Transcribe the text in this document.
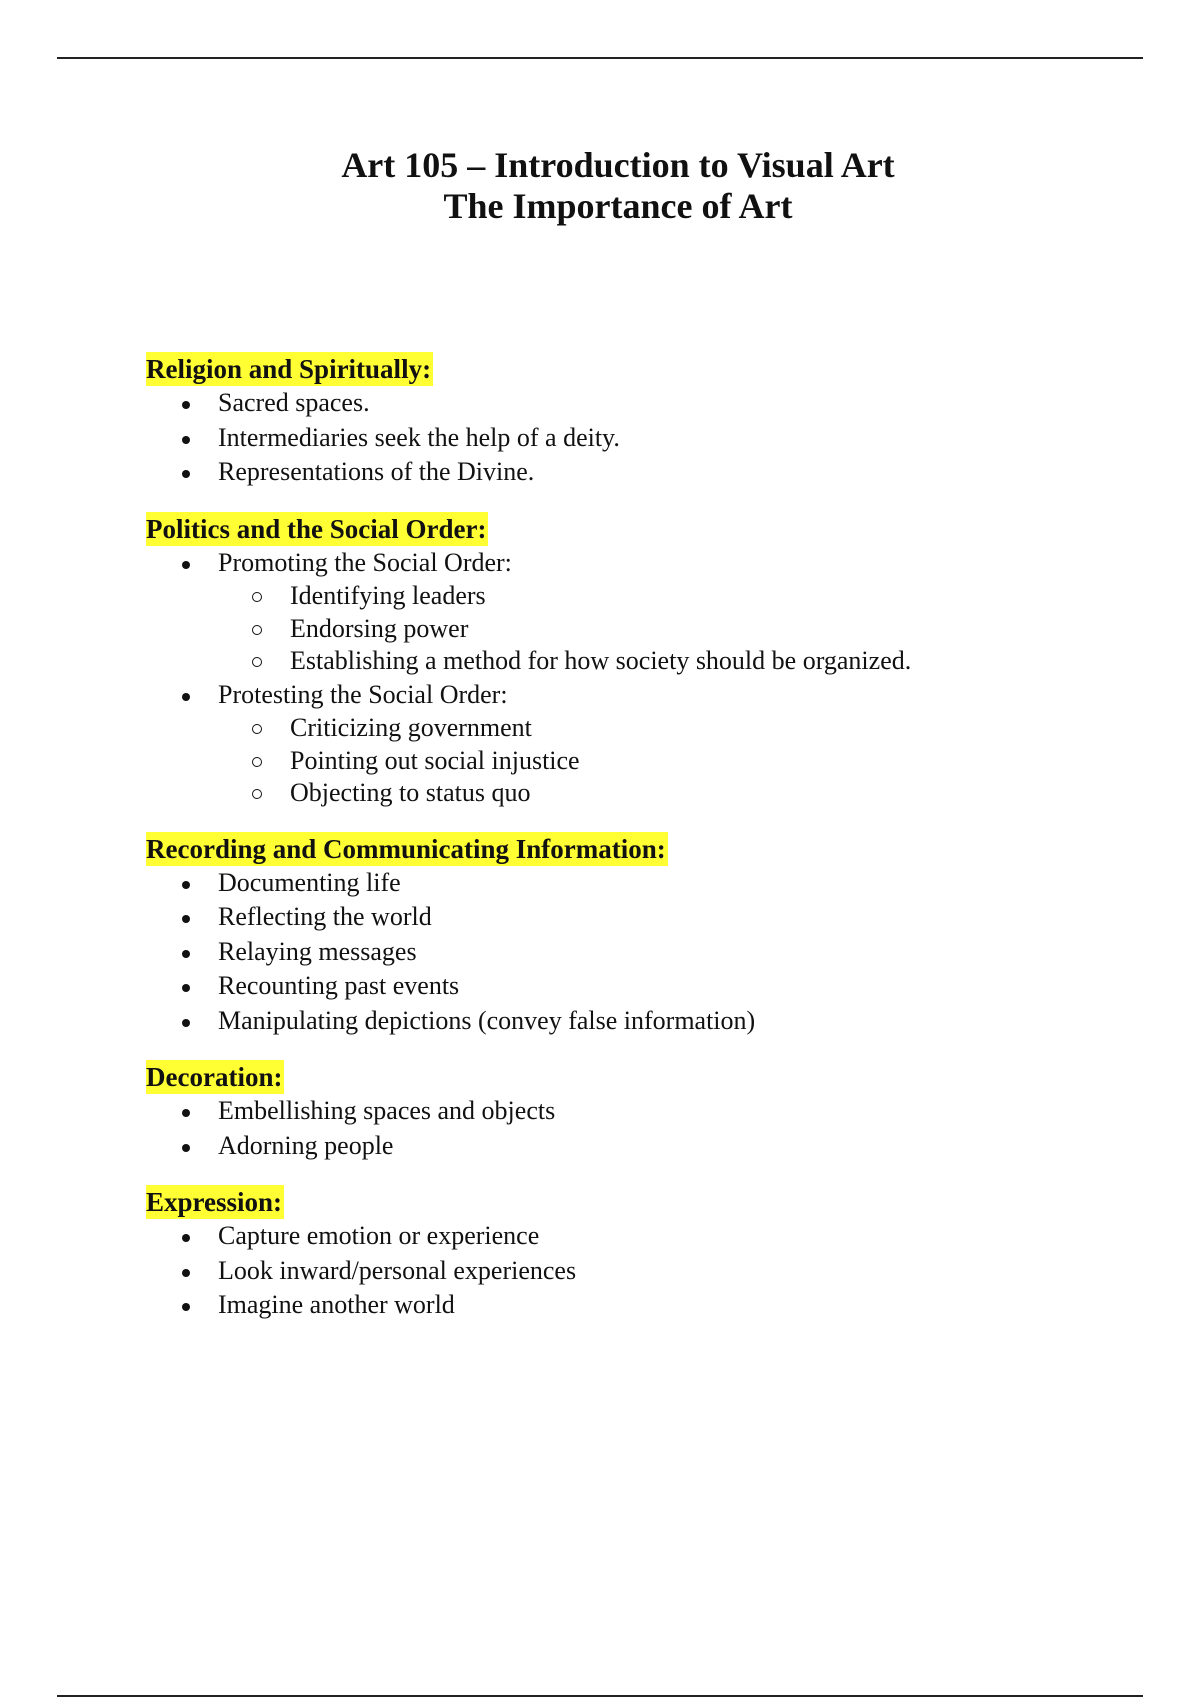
Art 105 – Introduction to Visual Art
The Importance of Art
Religion and Spiritually:
Sacred spaces.
Intermediaries seek the help of a deity.
Representations of the Divine.
Politics and the Social Order:
Promoting the Social Order:
Identifying leaders
Endorsing power
Establishing a method for how society should be organized.
Protesting the Social Order:
Criticizing government
Pointing out social injustice
Objecting to status quo
Recording and Communicating Information:
Documenting life
Reflecting the world
Relaying messages
Recounting past events
Manipulating depictions (convey false information)
Decoration:
Embellishing spaces and objects
Adorning people
Expression:
Capture emotion or experience
Look inward/personal experiences
Imagine another world
